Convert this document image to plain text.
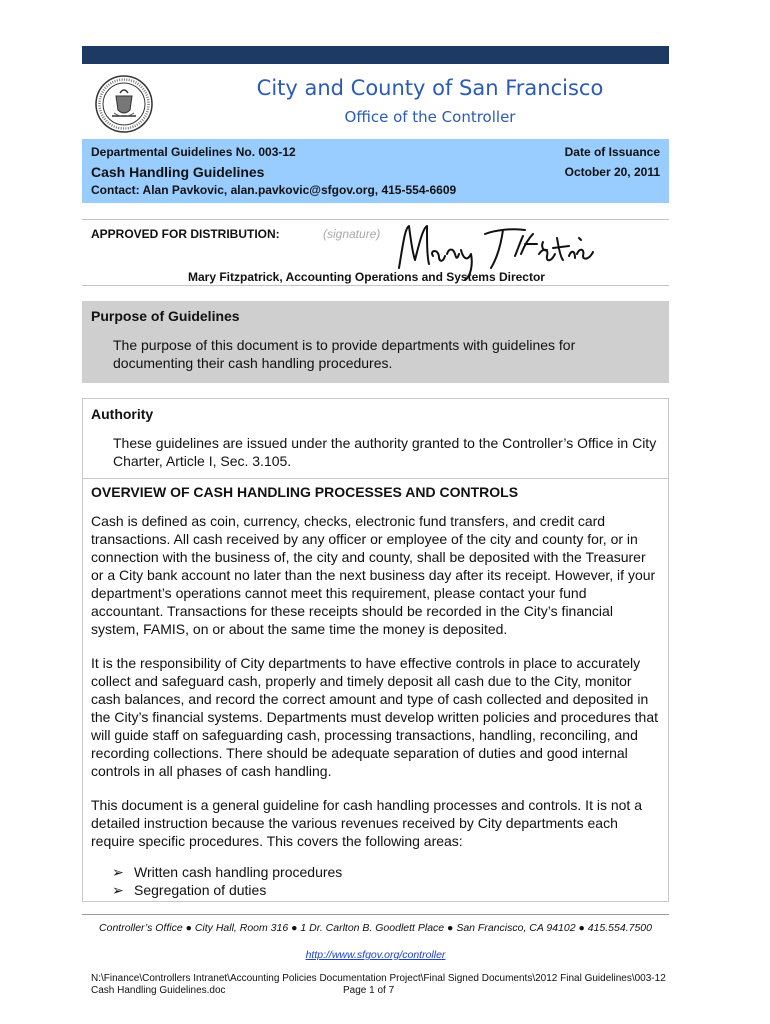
City and County of San Francisco
Office of the Controller
Departmental Guidelines No. 003-12
Cash Handling Guidelines
Contact: Alan Pavkovic, alan.pavkovic@sfgov.org, 415-554-6609
Date of Issuance
October 20, 2011
APPROVED FOR DISTRIBUTION:	(signature)
Mary Fitzpatrick, Accounting Operations and Systems Director
Purpose of Guidelines
The purpose of this document is to provide departments with guidelines for documenting their cash handling procedures.
Authority
These guidelines are issued under the authority granted to the Controller’s Office in City Charter, Article I, Sec. 3.105.
OVERVIEW OF CASH HANDLING PROCESSES AND CONTROLS
Cash is defined as coin, currency, checks, electronic fund transfers, and credit card transactions. All cash received by any officer or employee of the city and county for, or in connection with the business of, the city and county, shall be deposited with the Treasurer or a City bank account no later than the next business day after its receipt. However, if your department’s operations cannot meet this requirement, please contact your fund accountant. Transactions for these receipts should be recorded in the City’s financial system, FAMIS, on or about the same time the money is deposited.
It is the responsibility of City departments to have effective controls in place to accurately collect and safeguard cash, properly and timely deposit all cash due to the City, monitor cash balances, and record the correct amount and type of cash collected and deposited in the City’s financial systems. Departments must develop written policies and procedures that will guide staff on safeguarding cash, processing transactions, handling, reconciling, and recording collections. There should be adequate separation of duties and good internal controls in all phases of cash handling.
This document is a general guideline for cash handling processes and controls. It is not a detailed instruction because the various revenues received by City departments each require specific procedures. This covers the following areas:
➢ Written cash handling procedures
➢ Segregation of duties
Controller’s Office ● City Hall, Room 316 ● 1 Dr. Carlton B. Goodlett Place ● San Francisco, CA 94102 ● 415.554.7500
http://www.sfgov.org/controller
N:\Finance\Controllers Intranet\Accounting Policies Documentation Project\Final Signed Documents\2012 Final Guidelines\003-12
Cash Handling Guidelines.doc	Page 1 of 7
